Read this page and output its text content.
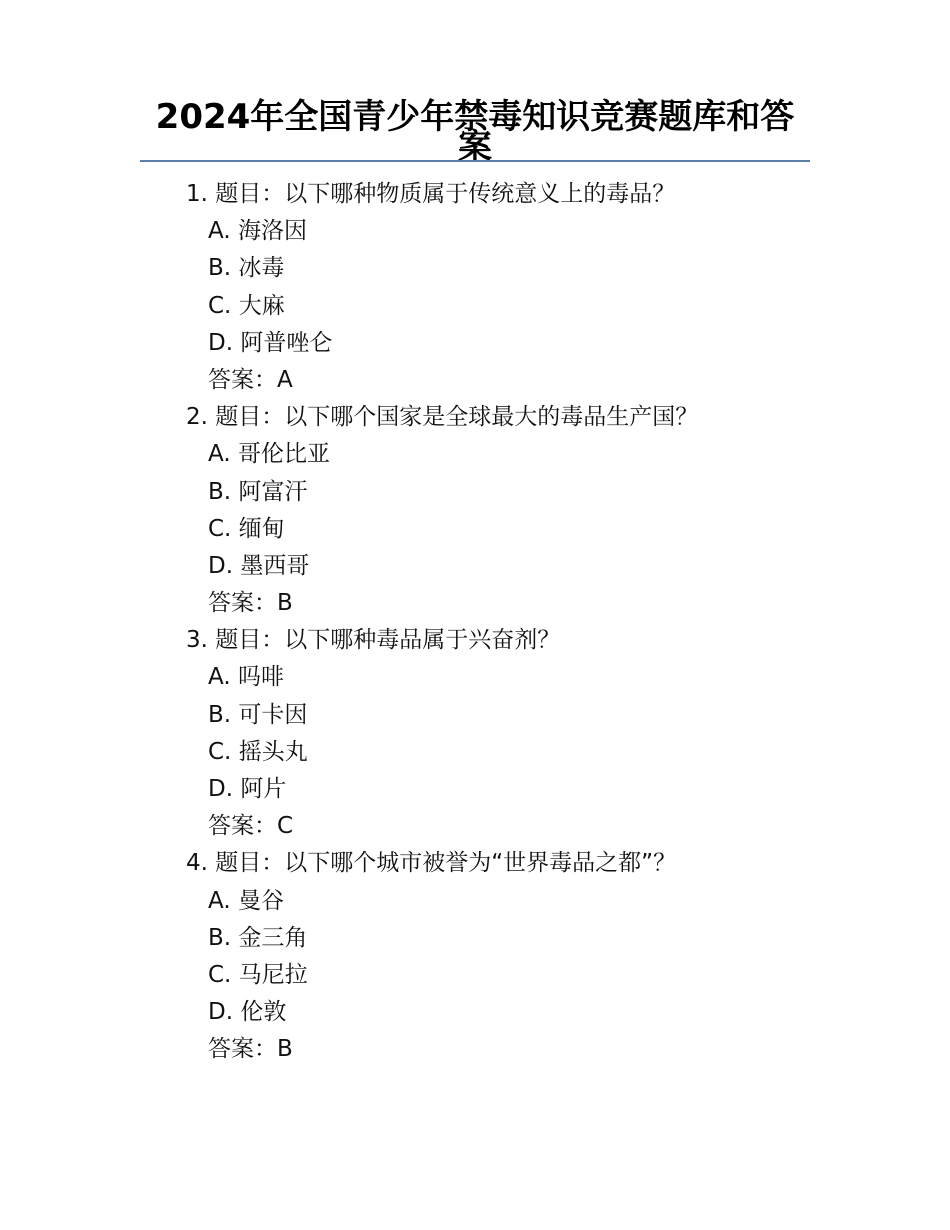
2024年全国青少年禁毒知识竞赛题库和答案
1. 题目：以下哪种物质属于传统意义上的毒品？
A. 海洛因
B. 冰毒
C. 大麻
D. 阿普唑仑
答案：A
2. 题目：以下哪个国家是全球最大的毒品生产国？
A. 哥伦比亚
B. 阿富汗
C. 缅甸
D. 墨西哥
答案：B
3. 题目：以下哪种毒品属于兴奋剂？
A. 吗啡
B. 可卡因
C. 摇头丸
D. 阿片
答案：C
4. 题目：以下哪个城市被誉为“世界毒品之都”？
A. 曼谷
B. 金三角
C. 马尼拉
D. 伦敦
答案：B
